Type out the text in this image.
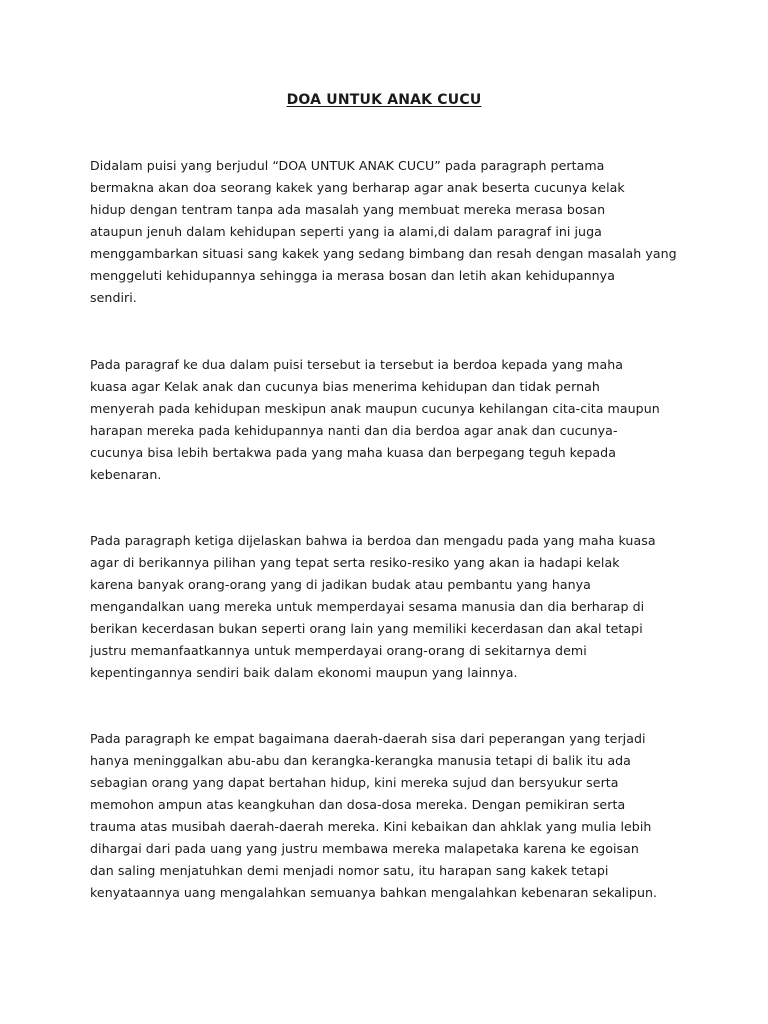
DOA UNTUK ANAK CUCU

Didalam puisi yang berjudul “DOA UNTUK ANAK CUCU” pada paragraph pertama
bermakna akan doa seorang kakek yang berharap agar anak beserta cucunya kelak
hidup dengan tentram tanpa ada masalah yang membuat mereka merasa bosan
ataupun jenuh dalam kehidupan seperti yang ia alami,di dalam paragraf ini juga
menggambarkan situasi sang kakek yang sedang bimbang dan resah dengan masalah yang
menggeluti kehidupannya sehingga ia merasa bosan dan letih akan kehidupannya
sendiri.

Pada paragraf ke dua dalam puisi tersebut ia tersebut ia berdoa kepada yang maha
kuasa agar Kelak anak dan cucunya bias menerima kehidupan dan tidak pernah
menyerah pada kehidupan meskipun anak maupun cucunya kehilangan cita-cita maupun
harapan mereka pada kehidupannya nanti dan dia berdoa agar anak dan cucunya-
cucunya bisa lebih bertakwa pada yang maha kuasa dan berpegang teguh kepada
kebenaran.

Pada paragraph ketiga dijelaskan bahwa ia berdoa dan mengadu pada yang maha kuasa
agar di berikannya pilihan yang tepat serta resiko-resiko yang akan ia hadapi kelak
karena banyak orang-orang yang di jadikan budak atau pembantu yang hanya
mengandalkan uang mereka untuk memperdayai sesama manusia dan dia berharap di
berikan kecerdasan bukan seperti orang lain yang memiliki kecerdasan dan akal tetapi
justru memanfaatkannya untuk memperdayai orang-orang di sekitarnya demi
kepentingannya sendiri baik dalam ekonomi maupun yang lainnya.

Pada paragraph ke empat bagaimana daerah-daerah sisa dari peperangan yang terjadi
hanya meninggalkan abu-abu dan kerangka-kerangka manusia tetapi di balik itu ada
sebagian orang yang dapat bertahan hidup, kini mereka sujud dan bersyukur serta
memohon ampun atas keangkuhan dan dosa-dosa mereka. Dengan pemikiran serta
trauma atas musibah daerah-daerah mereka. Kini kebaikan dan ahklak yang mulia lebih
dihargai dari pada uang yang justru membawa mereka malapetaka karena ke egoisan
dan saling menjatuhkan demi menjadi nomor satu, itu harapan sang kakek tetapi
kenyataannya uang mengalahkan semuanya bahkan mengalahkan kebenaran sekalipun.
